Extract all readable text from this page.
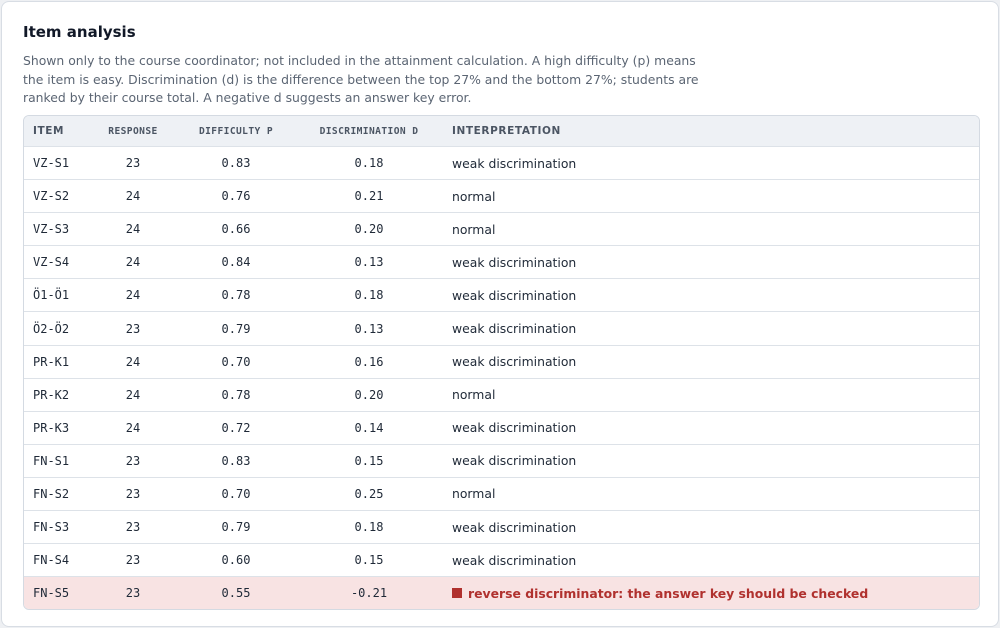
Item analysis
Shown only to the course coordinator; not included in the attainment calculation. A high difficulty (p) means the item is easy. Discrimination (d) is the difference between the top 27% and the bottom 27%; students are ranked by their course total. A negative d suggests an answer key error.
ITEM	RESPONSE	DIFFICULTY P	DISCRIMINATION D	INTERPRETATION
VZ-S1	23	0.83	0.18	weak discrimination
VZ-S2	24	0.76	0.21	normal
VZ-S3	24	0.66	0.20	normal
VZ-S4	24	0.84	0.13	weak discrimination
Ö1-Ö1	24	0.78	0.18	weak discrimination
Ö2-Ö2	23	0.79	0.13	weak discrimination
PR-K1	24	0.70	0.16	weak discrimination
PR-K2	24	0.78	0.20	normal
PR-K3	24	0.72	0.14	weak discrimination
FN-S1	23	0.83	0.15	weak discrimination
FN-S2	23	0.70	0.25	normal
FN-S3	23	0.79	0.18	weak discrimination
FN-S4	23	0.60	0.15	weak discrimination
FN-S5	23	0.55	-0.21	reverse discriminator: the answer key should be checked
